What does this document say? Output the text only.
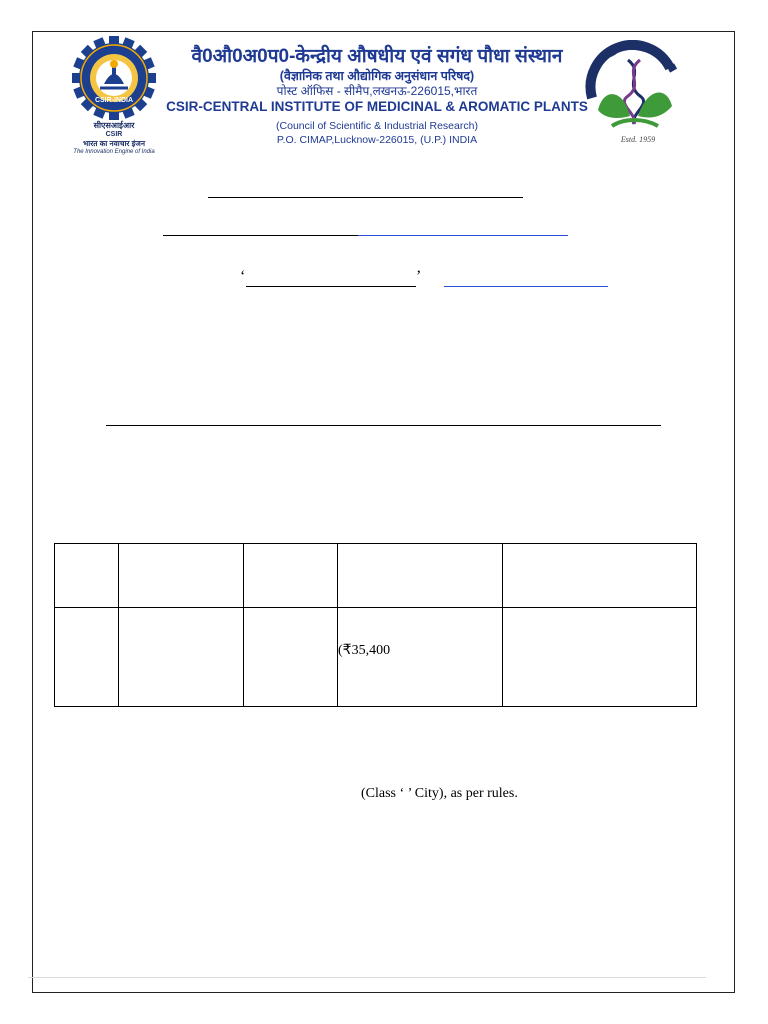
CSIR-INDIA
सीएसआईआर
CSIR
भारत का नवाचार इंजन
The Innovation Engine of India
वै0औ0अ0प0-केन्द्रीय औषधीय एवं सगंध पौधा संस्थान
(वैज्ञानिक तथा औद्योगिक अनुसंधान परिषद)
पोस्ट ऑफिस - सीमैप,लखनऊ-226015,भारत
CSIR-CENTRAL INSTITUTE OF MEDICINAL & AROMATIC PLANTS
(Council of Scientific & Industrial Research)
P.O. CIMAP,Lucknow-226015, (U.P.) INDIA	Estd. 1959
‘	’

			(₹35,400	

(Class ‘ ’ City), as per rules.
